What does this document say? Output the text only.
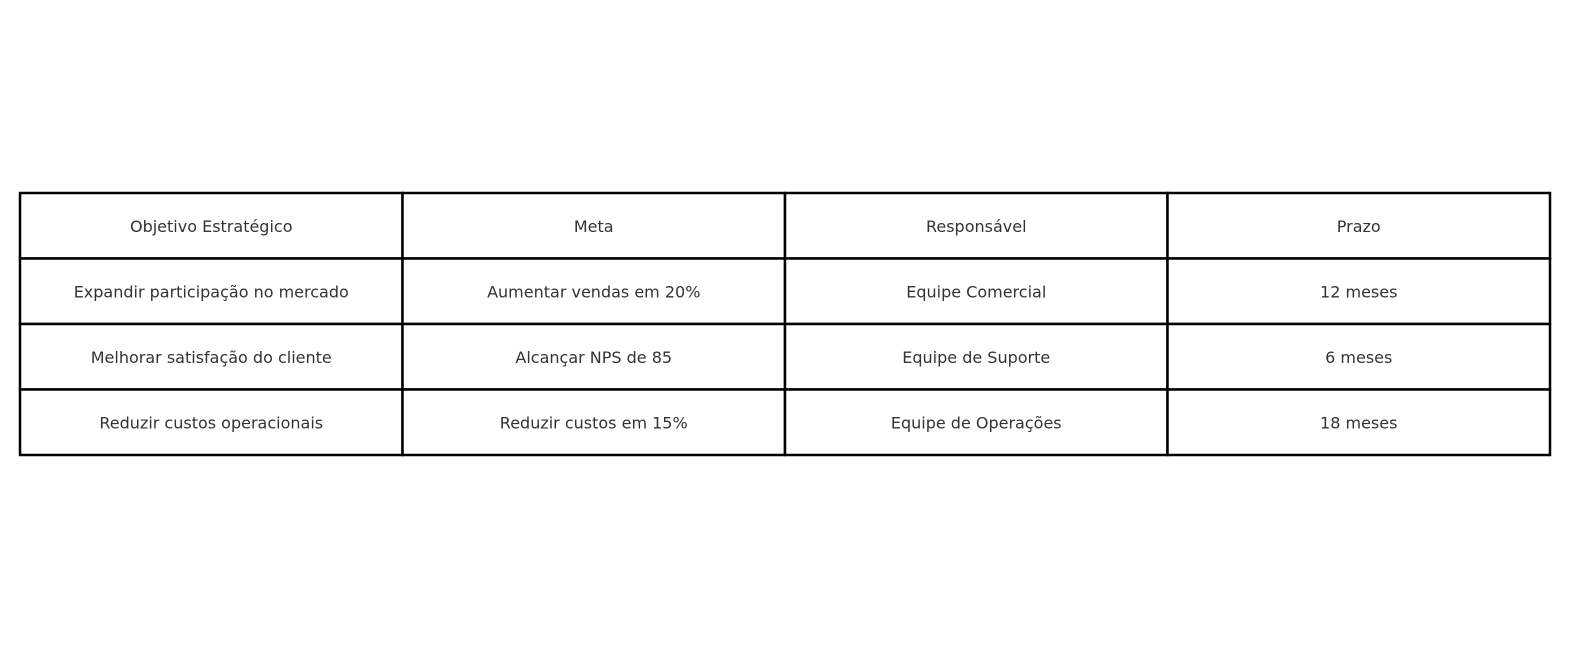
Objetivo Estratégico	Meta	Responsável	Prazo
Expandir participação no mercado	Aumentar vendas em 20%	Equipe Comercial	12 meses
Melhorar satisfação do cliente	Alcançar NPS de 85	Equipe de Suporte	6 meses
Reduzir custos operacionais	Reduzir custos em 15%	Equipe de Operações	18 meses
